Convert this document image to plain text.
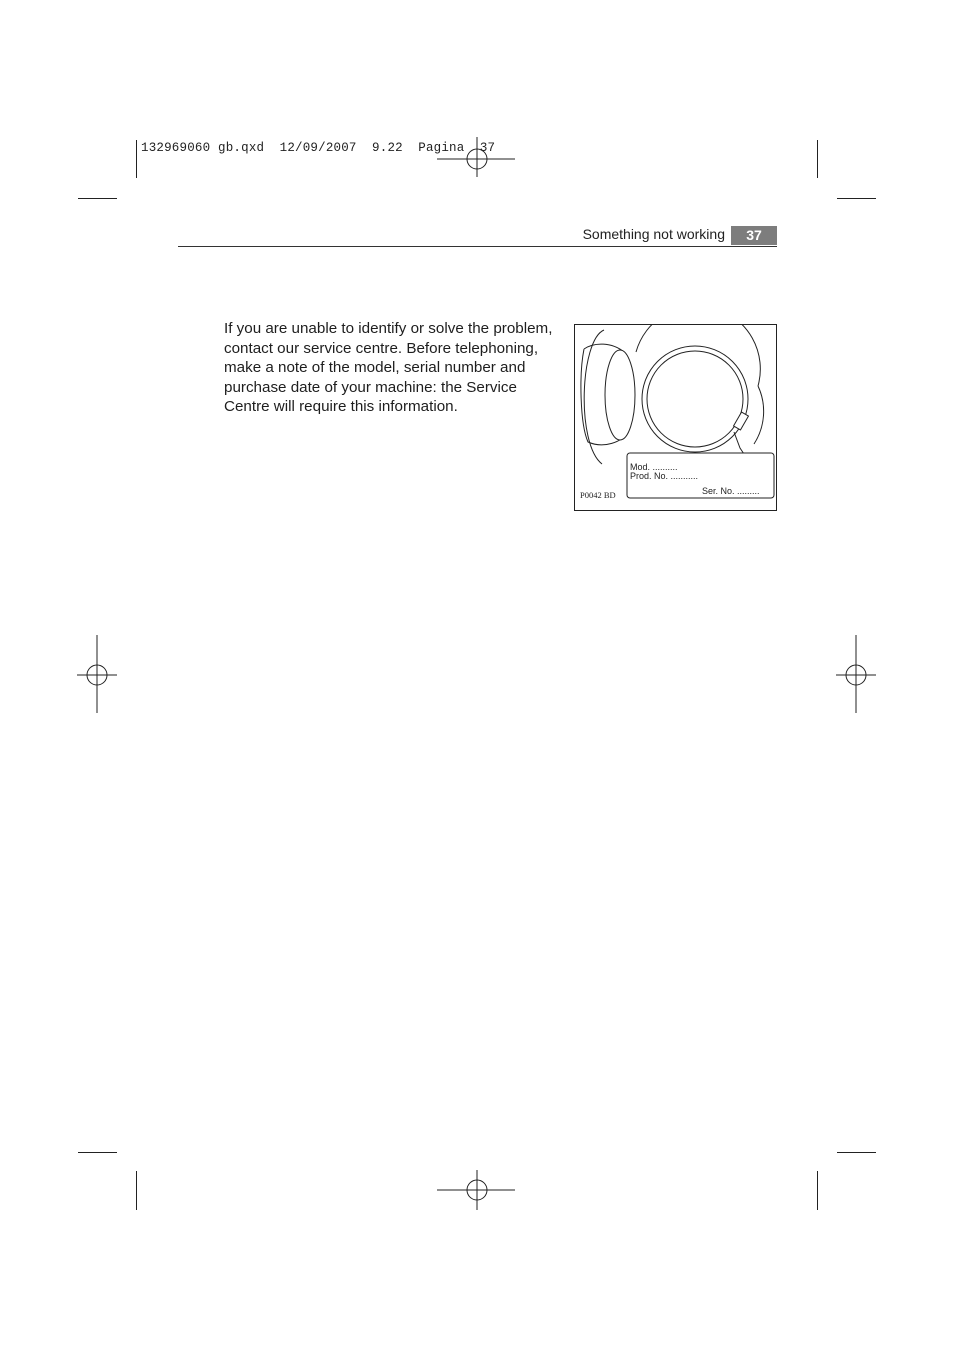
132969060 gb.qxd  12/09/2007  9.22  Pagina  37
Something not working	37
If you are unable to identify or solve the problem, contact our service centre. Before telephoning, make a note of the model, serial number and purchase date of your machine: the Service Centre will require this information.
Mod. ..........
Prod. No. ...........
Ser. No. .........
P0042 BD
